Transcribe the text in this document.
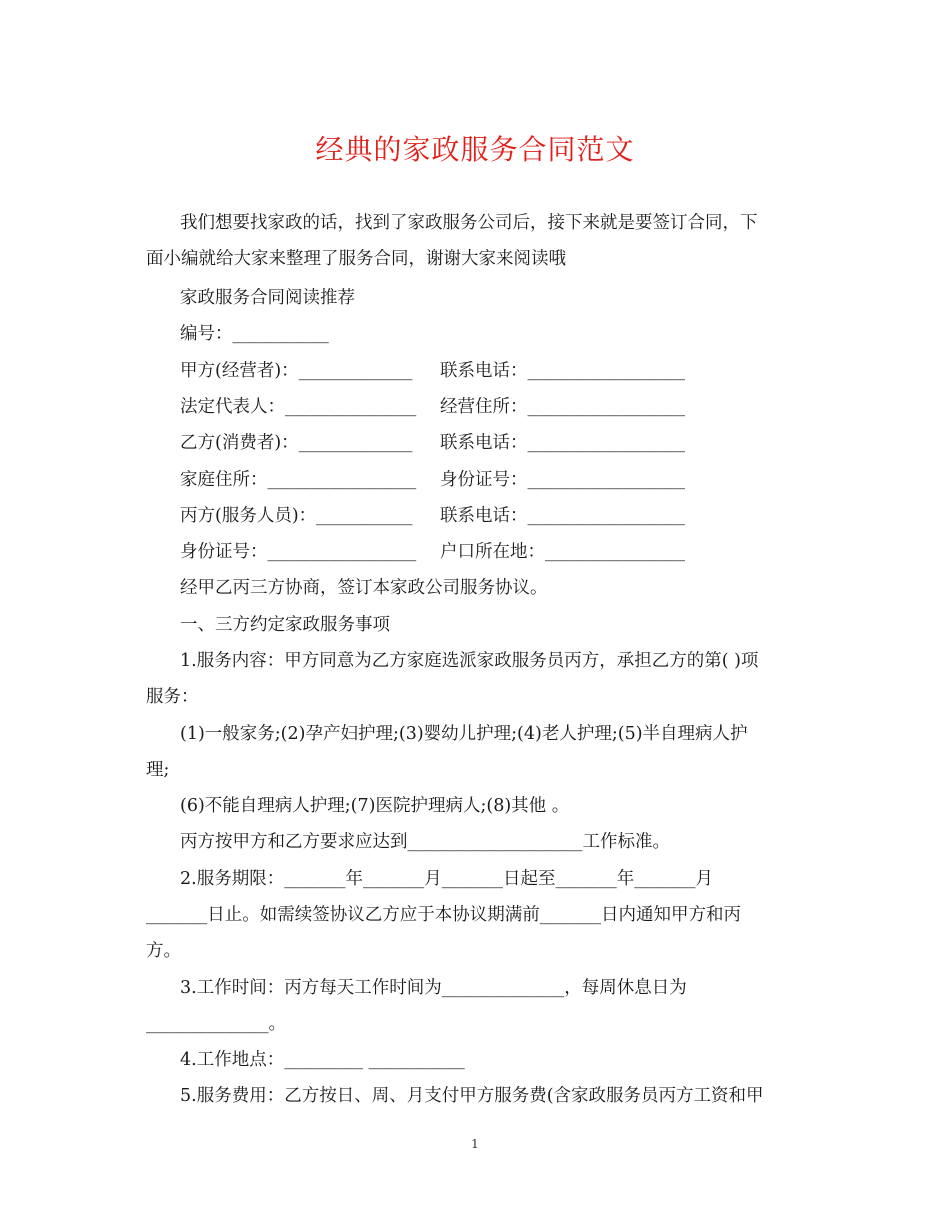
经典的家政服务合同范文
我们想要找家政的话，找到了家政服务公司后，接下来就是要签订合同，下
面小编就给大家来整理了服务合同，谢谢大家来阅读哦
家政服务合同阅读推荐
编号：___________
甲方(经营者)：_____________ 联系电话：__________________
法定代表人：_______________ 经营住所：__________________
乙方(消费者)：_____________ 联系电话：__________________
家庭住所：_________________ 身份证号：__________________
丙方(服务人员)：___________ 联系电话：__________________
身份证号：_________________ 户口所在地：________________
经甲乙丙三方协商，签订本家政公司服务协议。
一、三方约定家政服务事项
1.服务内容：甲方同意为乙方家庭选派家政服务员丙方，承担乙方的第( )项
服务：
(1)一般家务;(2)孕产妇护理;(3)婴幼儿护理;(4)老人护理;(5)半自理病人护
理;
(6)不能自理病人护理;(7)医院护理病人;(8)其他 。
丙方按甲方和乙方要求应达到____________________工作标准。
2.服务期限：_______年_______月_______日起至_______年_______月
_______日止。如需续签协议乙方应于本协议期满前_______日内通知甲方和丙
方。
3.工作时间：丙方每天工作时间为______________，每周休息日为
______________。
4.工作地点：_________ ___________
5.服务费用：乙方按日、周、月支付甲方服务费(含家政服务员丙方工资和甲
1
